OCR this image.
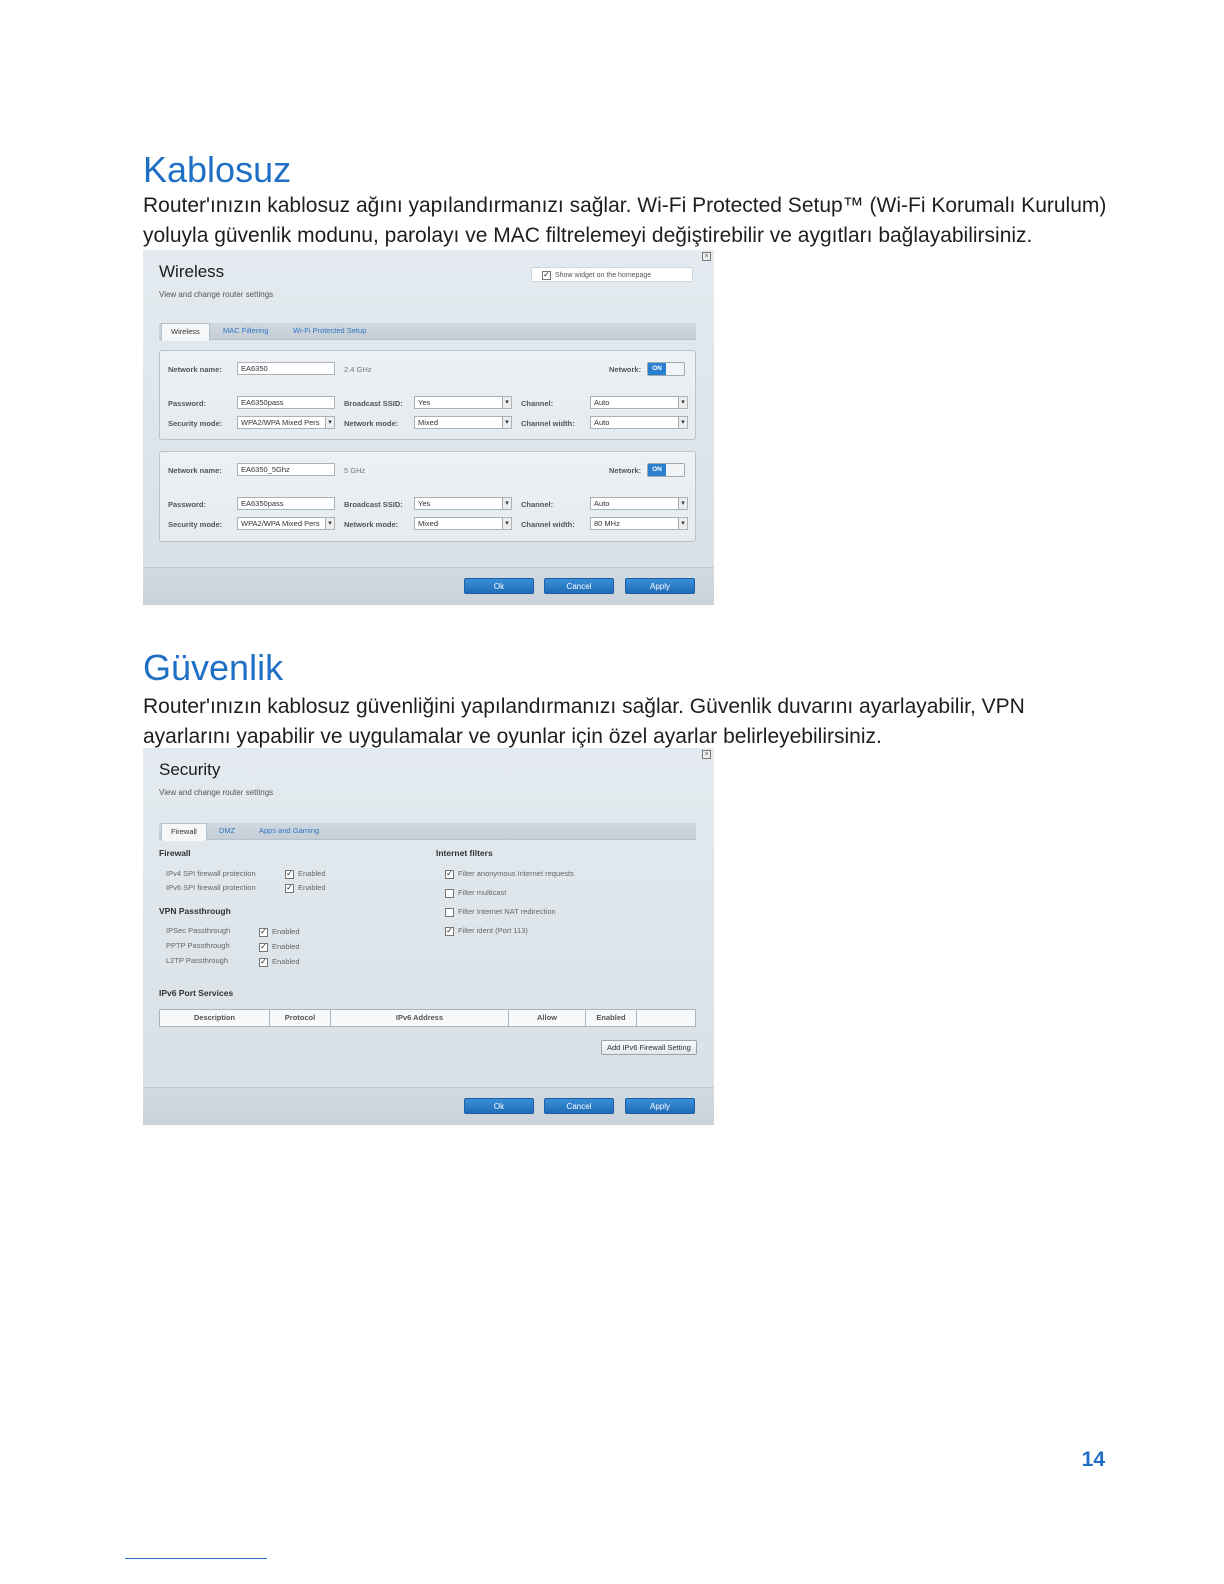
Kablosuz

Router'ınızın kablosuz ağını yapılandırmanızı sağlar. Wi-Fi Protected Setup™ (Wi-Fi Korumalı Kurulum)

yoluyla güvenlik modunu, parolayı ve MAC filtrelemeyi değiştirebilir ve aygıtları bağlayabilirsiniz.

×
Wireless
View and change router settings
✓ Show widget on the homepage
Wireless	MAC Filtering	Wi-Fi Protected Setup
Network name:	EA6350	2.4 GHz	Network:	ON
Password:	EA6350pass	Broadcast SSID:	Yes ▾	Channel:	Auto ▾
Security mode:	WPA2/WPA Mixed Pers ▾	Network mode:	Mixed ▾	Channel width:	Auto ▾
Network name:	EA6350_5Ghz	5 GHz	Network:	ON
Password:	EA6350pass	Broadcast SSID:	Yes ▾	Channel:	Auto ▾
Security mode:	WPA2/WPA Mixed Pers ▾	Network mode:	Mixed ▾	Channel width:	80 MHz ▾
Ok	Cancel	Apply
Güvenlik

Router'ınızın kablosuz güvenliğini yapılandırmanızı sağlar. Güvenlik duvarını ayarlayabilir, VPN

ayarlarını yapabilir ve uygulamalar ve oyunlar için özel ayarlar belirleyebilirsiniz.

×
Security
View and change router settings
Firewall	DMZ	Apps and Gaming
Firewall
IPv4 SPI firewall protection	✓ Enabled
IPv6 SPI firewall protection	✓ Enabled
VPN Passthrough
IPSec Passthrough	✓ Enabled
PPTP Passthrough	✓ Enabled
L2TP Passthrough	✓ Enabled
Internet filters
✓ Filter anonymous Internet requests
Filter multicast
Filter Internet NAT redirection
✓ Filter ident (Port 113)
IPv6 Port Services
Description	Protocol	IPv6 Address	Allow	Enabled
Add IPv6 Firewall Setting
Ok	Cancel	Apply
14
